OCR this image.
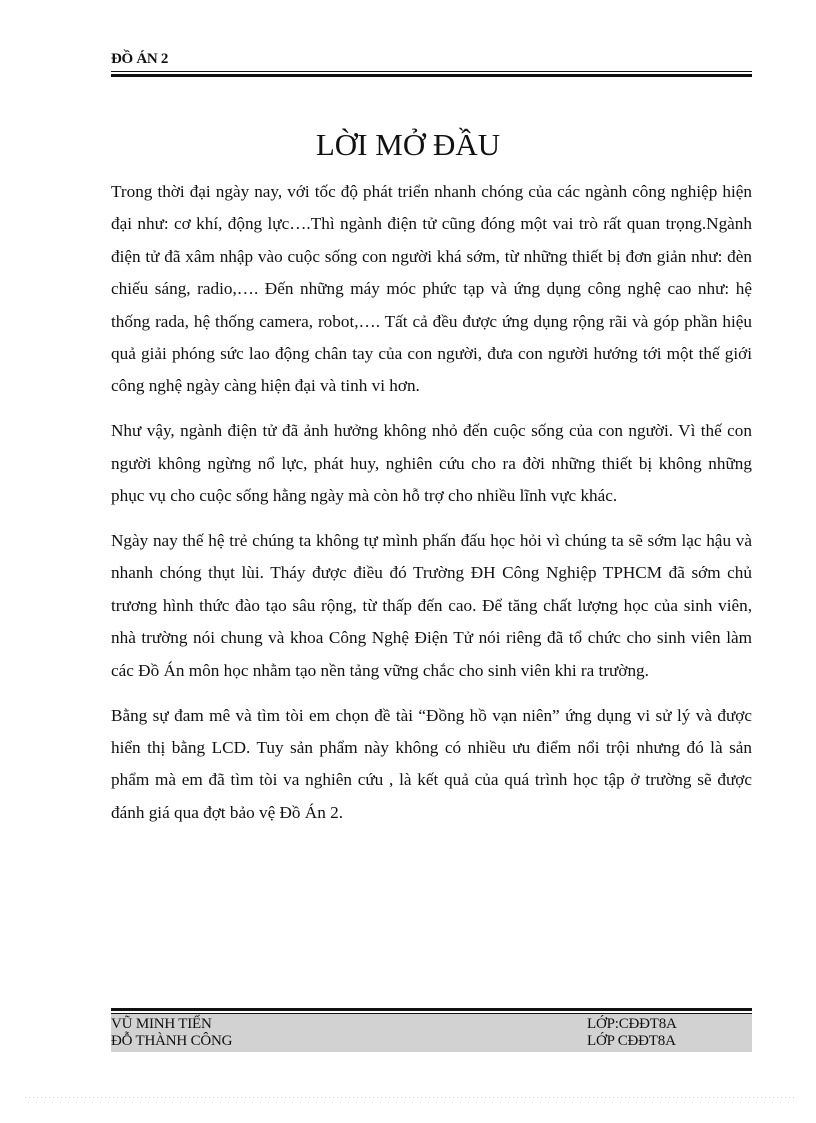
ĐỒ ÁN 2
LỜI MỞ ĐẦU

Trong thời đại ngày nay, với tốc độ phát triển nhanh chóng của các ngành công nghiệp hiện đại như: cơ khí, động lực….Thì ngành điện tử cũng đóng một vai trò rất quan trọng.Ngành điện tử đã xâm nhập vào cuộc sống con người khá sớm, từ những thiết bị đơn giản như: đèn chiếu sáng, radio,…. Đến những máy móc phức tạp và ứng dụng công nghệ cao như: hệ thống rada, hệ thống camera, robot,…. Tất cả đều được ứng dụng rộng rãi và góp phần hiệu quả giải phóng sức lao động chân tay của con người, đưa con người hướng tới một thế giới công nghệ ngày càng hiện đại và tinh vi hơn.

Như vậy, ngành điện tử đã ảnh hưởng không nhỏ đến cuộc sống của con người. Vì thế con người không ngừng nổ lực, phát huy, nghiên cứu cho ra đời những thiết bị không những phục vụ cho cuộc sống hằng ngày mà còn hỗ trợ cho nhiều lĩnh vực khác.

Ngày nay thế hệ trẻ chúng ta không tự mình phấn đấu học hỏi vì chúng ta sẽ sớm lạc hậu và nhanh chóng thụt lùi. Tháy được điều đó Trường ĐH Công Nghiệp TPHCM đã sớm chủ trương hình thức đào tạo sâu rộng, từ thấp đến cao. Để tăng chất lượng học của sinh viên, nhà trường nói chung và khoa Công Nghệ Điện Tử nói riêng đã tổ chức cho sinh viên làm các Đồ Án môn học nhằm tạo nền tảng vững chắc cho sinh viên khi ra trường.

Bằng sự đam mê và tìm tòi em chọn đề tài “Đồng hồ vạn niên” ứng dụng vi sử lý và được hiển thị bằng LCD. Tuy sản phẩm này không có nhiều ưu điểm nổi trội nhưng đó là sản phẩm mà em đã tìm tòi va nghiên cứu , là kết quả của quá trình học tập ở trường sẽ được đánh giá qua đợt bảo vệ Đồ Án 2.

VŨ MINH TIẾN	LỚP:CĐĐT8A
ĐỖ THÀNH CÔNG	LỚP CĐĐT8A
